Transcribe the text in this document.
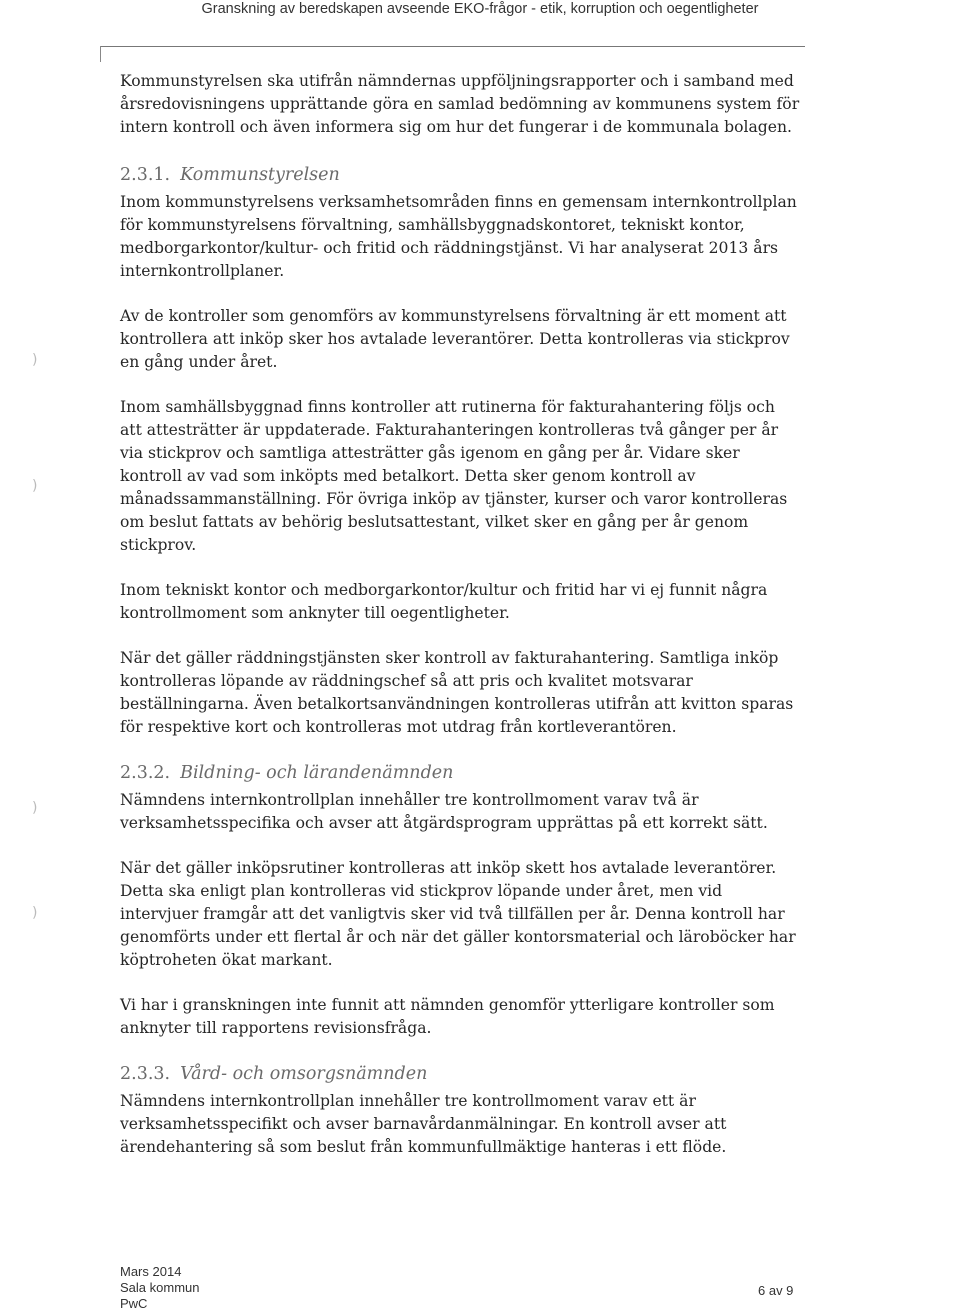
Granskning av beredskapen avseende EKO-frågor - etik, korruption och oegentligheter
)
)
)
)

Kommunstyrelsen ska utifrån nämndernas uppföljningsrapporter och i samband med årsredovisningens upprättande göra en samlad bedömning av kommunens system för intern kontroll och även informera sig om hur det fungerar i de kommunala bolagen.

2.3.1. Kommunstyrelsen

Inom kommunstyrelsens verksamhetsområden finns en gemensam internkontrollplan för kommunstyrelsens förvaltning, samhällsbyggnadskontoret, tekniskt kontor, medborgarkontor/kultur- och fritid och räddningstjänst. Vi har analyserat 2013 års internkontrollplaner.

Av de kontroller som genomförs av kommunstyrelsens förvaltning är ett moment att kontrollera att inköp sker hos avtalade leverantörer. Detta kontrolleras via stickprov en gång under året.

Inom samhällsbyggnad finns kontroller att rutinerna för fakturahantering följs och att attesträtter är uppdaterade. Fakturahanteringen kontrolleras två gånger per år via stickprov och samtliga attesträtter gås igenom en gång per år. Vidare sker kontroll av vad som inköpts med betalkort. Detta sker genom kontroll av månadssammanställning. För övriga inköp av tjänster, kurser och varor kontrolleras om beslut fattats av behörig beslutsattestant, vilket sker en gång per år genom stickprov.

Inom tekniskt kontor och medborgarkontor/kultur och fritid har vi ej funnit några kontrollmoment som anknyter till oegentligheter.

När det gäller räddningstjänsten sker kontroll av fakturahantering. Samtliga inköp kontrolleras löpande av räddningschef så att pris och kvalitet motsvarar beställningarna. Även betalkortsanvändningen kontrolleras utifrån att kvitton sparas för respektive kort och kontrolleras mot utdrag från kortleverantören.

2.3.2. Bildning- och lärandenämnden

Nämndens internkontrollplan innehåller tre kontrollmoment varav två är verksamhetsspecifika och avser att åtgärdsprogram upprättas på ett korrekt sätt.

När det gäller inköpsrutiner kontrolleras att inköp skett hos avtalade leverantörer. Detta ska enligt plan kontrolleras vid stickprov löpande under året, men vid intervjuer framgår att det vanligtvis sker vid två tillfällen per år. Denna kontroll har genomförts under ett flertal år och när det gäller kontorsmaterial och läroböcker har köptroheten ökat markant.

Vi har i granskningen inte funnit att nämnden genomför ytterligare kontroller som anknyter till rapportens revisionsfråga.

2.3.3. Vård- och omsorgsnämnden

Nämndens internkontrollplan innehåller tre kontrollmoment varav ett är verksamhetsspecifikt och avser barnavårdanmälningar. En kontroll avser att ärendehantering så som beslut från kommunfullmäktige hanteras i ett flöde.

Mars 2014
Sala kommun
PwC
6 av 9
